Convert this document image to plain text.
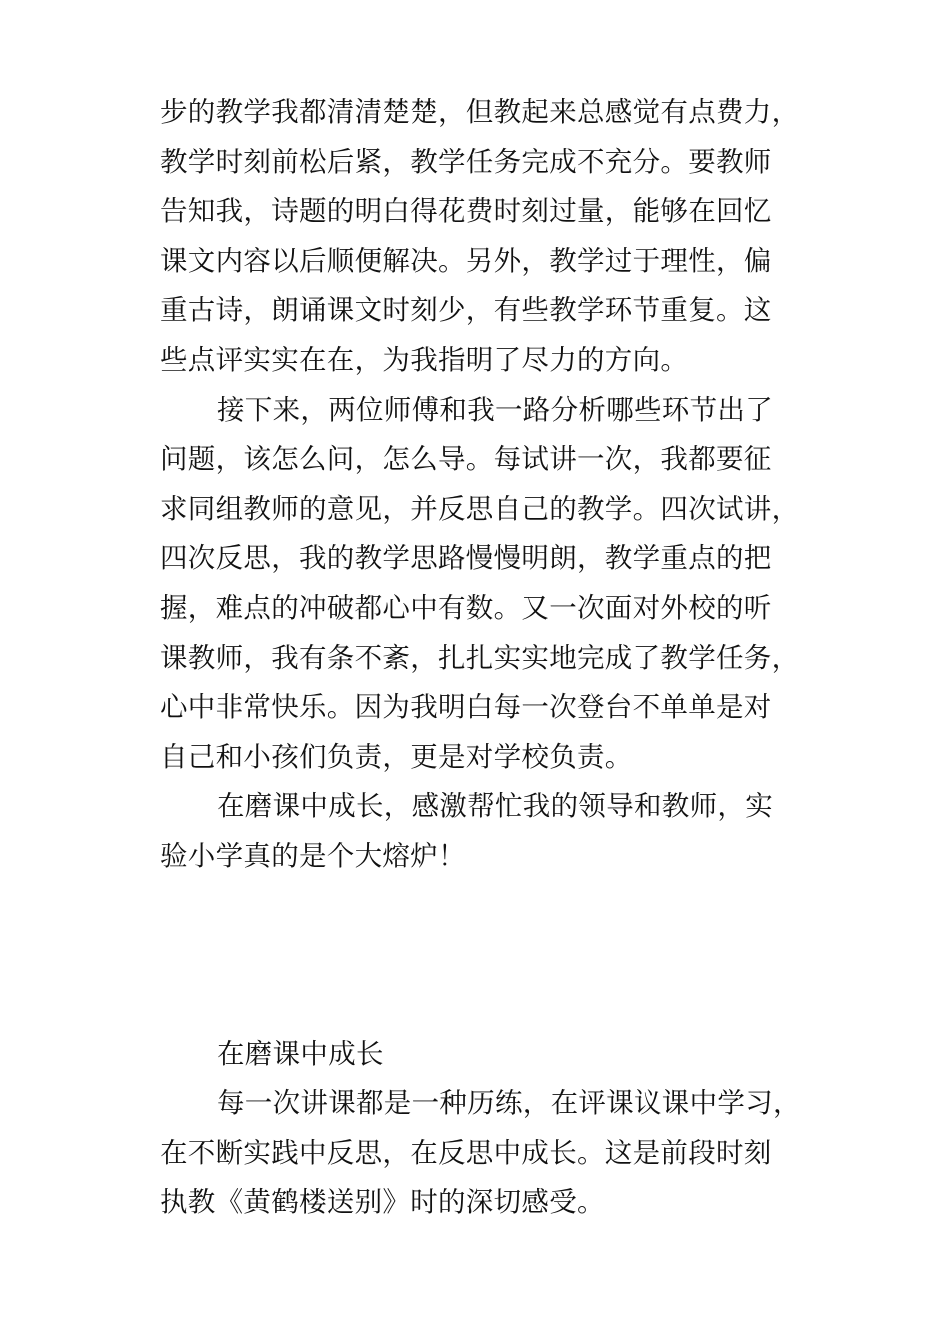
步的教学我都清清楚楚，但教起来总感觉有点费力，
教学时刻前松后紧，教学任务完成不充分。要教师
告知我，诗题的明白得花费时刻过量，能够在回忆
课文内容以后顺便解决。另外，教学过于理性，偏
重古诗，朗诵课文时刻少，有些教学环节重复。这
些点评实实在在，为我指明了尽力的方向。

接下来，两位师傅和我一路分析哪些环节出了
问题，该怎么问，怎么导。每试讲一次，我都要征
求同组教师的意见，并反思自己的教学。四次试讲，
四次反思，我的教学思路慢慢明朗，教学重点的把
握，难点的冲破都心中有数。又一次面对外校的听
课教师，我有条不紊，扎扎实实地完成了教学任务，
心中非常快乐。因为我明白每一次登台不单单是对
自己和小孩们负责，更是对学校负责。

在磨课中成长，感激帮忙我的领导和教师，实
验小学真的是个大熔炉！

在磨课中成长

每一次讲课都是一种历练，在评课议课中学习，
在不断实践中反思，在反思中成长。这是前段时刻
执教《黄鹤楼送别》时的深切感受。
